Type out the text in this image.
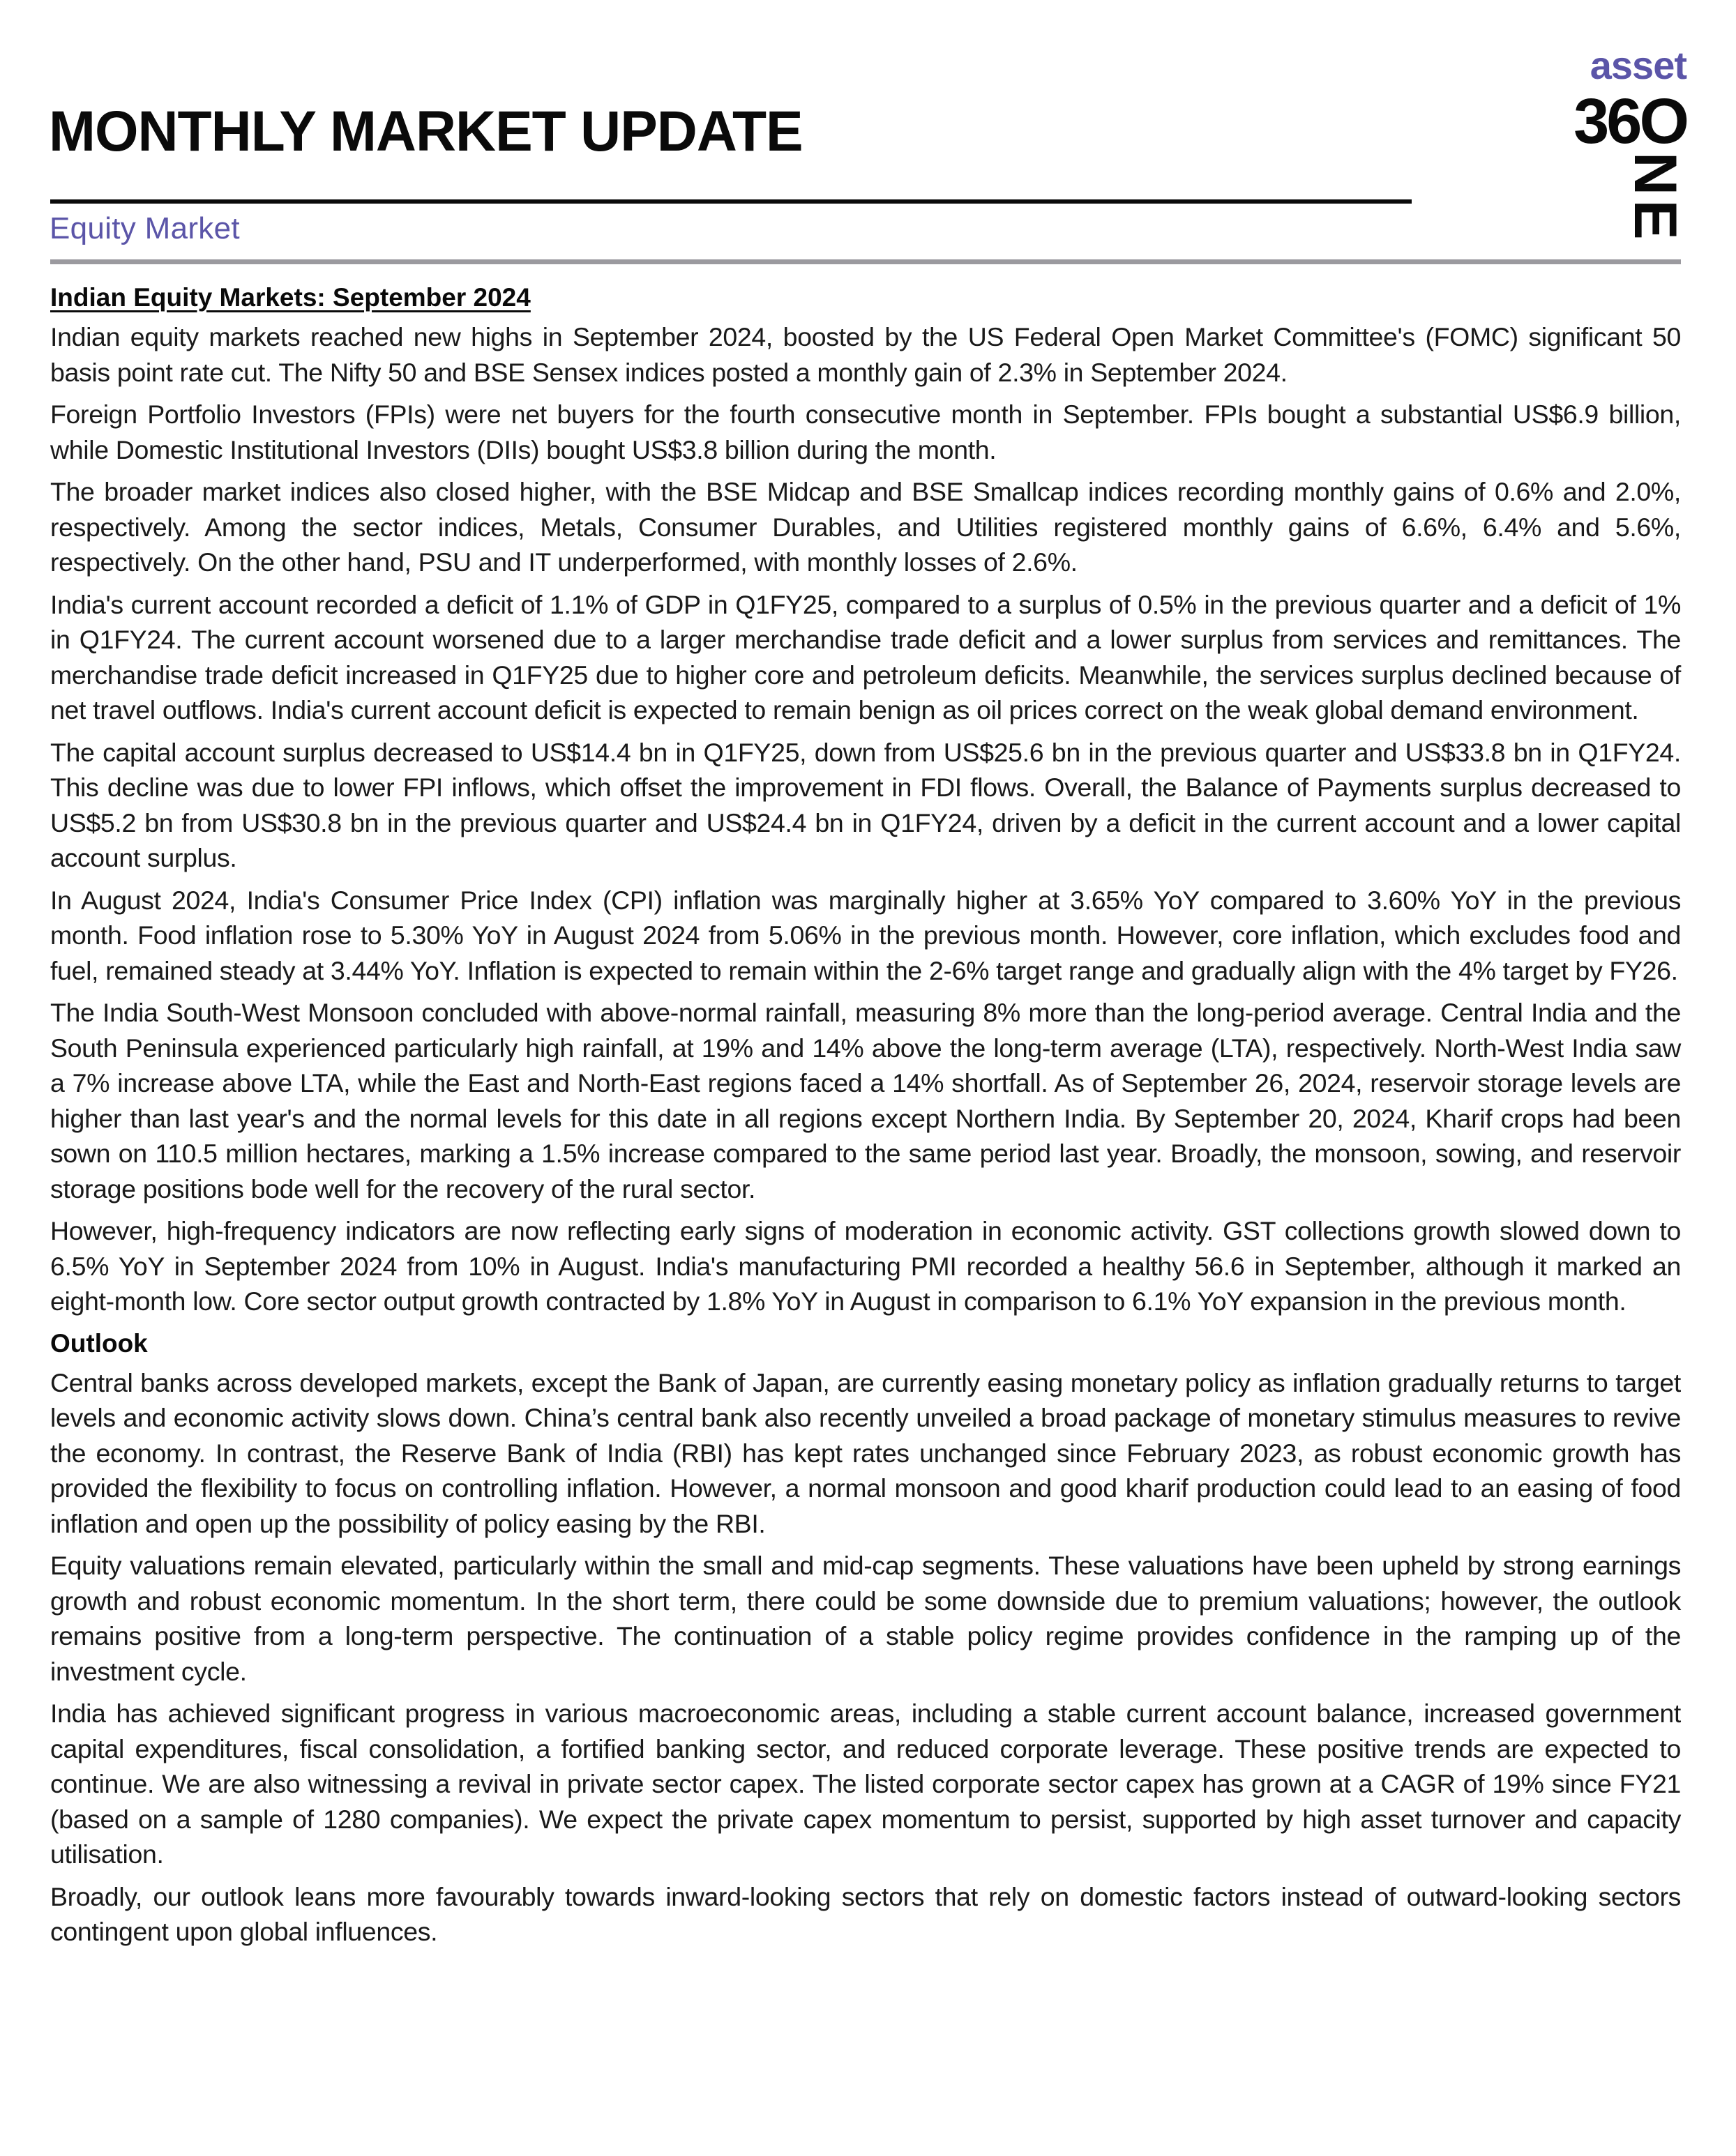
MONTHLY MARKET UPDATE
Equity Market
asset
36O
N
E
Indian Equity Markets: September 2024

Indian equity markets reached new highs in September 2024, boosted by the US Federal Open Market Committee's (FOMC) significant 50 basis point rate cut. The Nifty 50 and BSE Sensex indices posted a monthly gain of 2.3% in September 2024.

Foreign Portfolio Investors (FPIs) were net buyers for the fourth consecutive month in September. FPIs bought a substantial US$6.9 billion, while Domestic Institutional Investors (DIIs) bought US$3.8 billion during the month.

The broader market indices also closed higher, with the BSE Midcap and BSE Smallcap indices recording monthly gains of 0.6% and 2.0%, respectively. Among the sector indices, Metals, Consumer Durables, and Utilities registered monthly gains of 6.6%, 6.4% and 5.6%, respectively. On the other hand, PSU and IT underperformed, with monthly losses of 2.6%.

India's current account recorded a deficit of 1.1% of GDP in Q1FY25, compared to a surplus of 0.5% in the previous quarter and a deficit of 1% in Q1FY24. The current account worsened due to a larger merchandise trade deficit and a lower surplus from services and remittances. The merchandise trade deficit increased in Q1FY25 due to higher core and petroleum deficits. Meanwhile, the services surplus declined because of net travel outflows. India's current account deficit is expected to remain benign as oil prices correct on the weak global demand environment.

The capital account surplus decreased to US$14.4 bn in Q1FY25, down from US$25.6 bn in the previous quarter and US$33.8 bn in Q1FY24. This decline was due to lower FPI inflows, which offset the improvement in FDI flows. Overall, the Balance of Payments surplus decreased to US$5.2 bn from US$30.8 bn in the previous quarter and US$24.4 bn in Q1FY24, driven by a deficit in the current account and a lower capital account surplus.

In August 2024, India's Consumer Price Index (CPI) inflation was marginally higher at 3.65% YoY compared to 3.60% YoY in the previous month. Food inflation rose to 5.30% YoY in August 2024 from 5.06% in the previous month. However, core inflation, which excludes food and fuel, remained steady at 3.44% YoY. Inflation is expected to remain within the 2-6% target range and gradually align with the 4% target by FY26.

The India South-West Monsoon concluded with above-normal rainfall, measuring 8% more than the long-period average. Central India and the South Peninsula experienced particularly high rainfall, at 19% and 14% above the long-term average (LTA), respectively. North-West India saw a 7% increase above LTA, while the East and North-East regions faced a 14% shortfall. As of September 26, 2024, reservoir storage levels are higher than last year's and the normal levels for this date in all regions except Northern India. By September 20, 2024, Kharif crops had been sown on 110.5 million hectares, marking a 1.5% increase compared to the same period last year. Broadly, the monsoon, sowing, and reservoir storage positions bode well for the recovery of the rural sector.

However, high-frequency indicators are now reflecting early signs of moderation in economic activity. GST collections growth slowed down to 6.5% YoY in September 2024 from 10% in August. India's manufacturing PMI recorded a healthy 56.6 in September, although it marked an eight-month low. Core sector output growth contracted by 1.8% YoY in August in comparison to 6.1% YoY expansion in the previous month.

Outlook

Central banks across developed markets, except the Bank of Japan, are currently easing monetary policy as inflation gradually returns to target levels and economic activity slows down. China’s central bank also recently unveiled a broad package of monetary stimulus measures to revive the economy. In contrast, the Reserve Bank of India (RBI) has kept rates unchanged since February 2023, as robust economic growth has provided the flexibility to focus on controlling inflation. However, a normal monsoon and good kharif production could lead to an easing of food inflation and open up the possibility of policy easing by the RBI.

Equity valuations remain elevated, particularly within the small and mid-cap segments. These valuations have been upheld by strong earnings growth and robust economic momentum. In the short term, there could be some downside due to premium valuations; however, the outlook remains positive from a long-term perspective. The continuation of a stable policy regime provides confidence in the ramping up of the investment cycle.

India has achieved significant progress in various macroeconomic areas, including a stable current account balance, increased government capital expenditures, fiscal consolidation, a fortified banking sector, and reduced corporate leverage. These positive trends are expected to continue. We are also witnessing a revival in private sector capex. The listed corporate sector capex has grown at a CAGR of 19% since FY21 (based on a sample of 1280 companies). We expect the private capex momentum to persist, supported by high asset turnover and capacity utilisation.

Broadly, our outlook leans more favourably towards inward-looking sectors that rely on domestic factors instead of outward-looking sectors contingent upon global influences.
